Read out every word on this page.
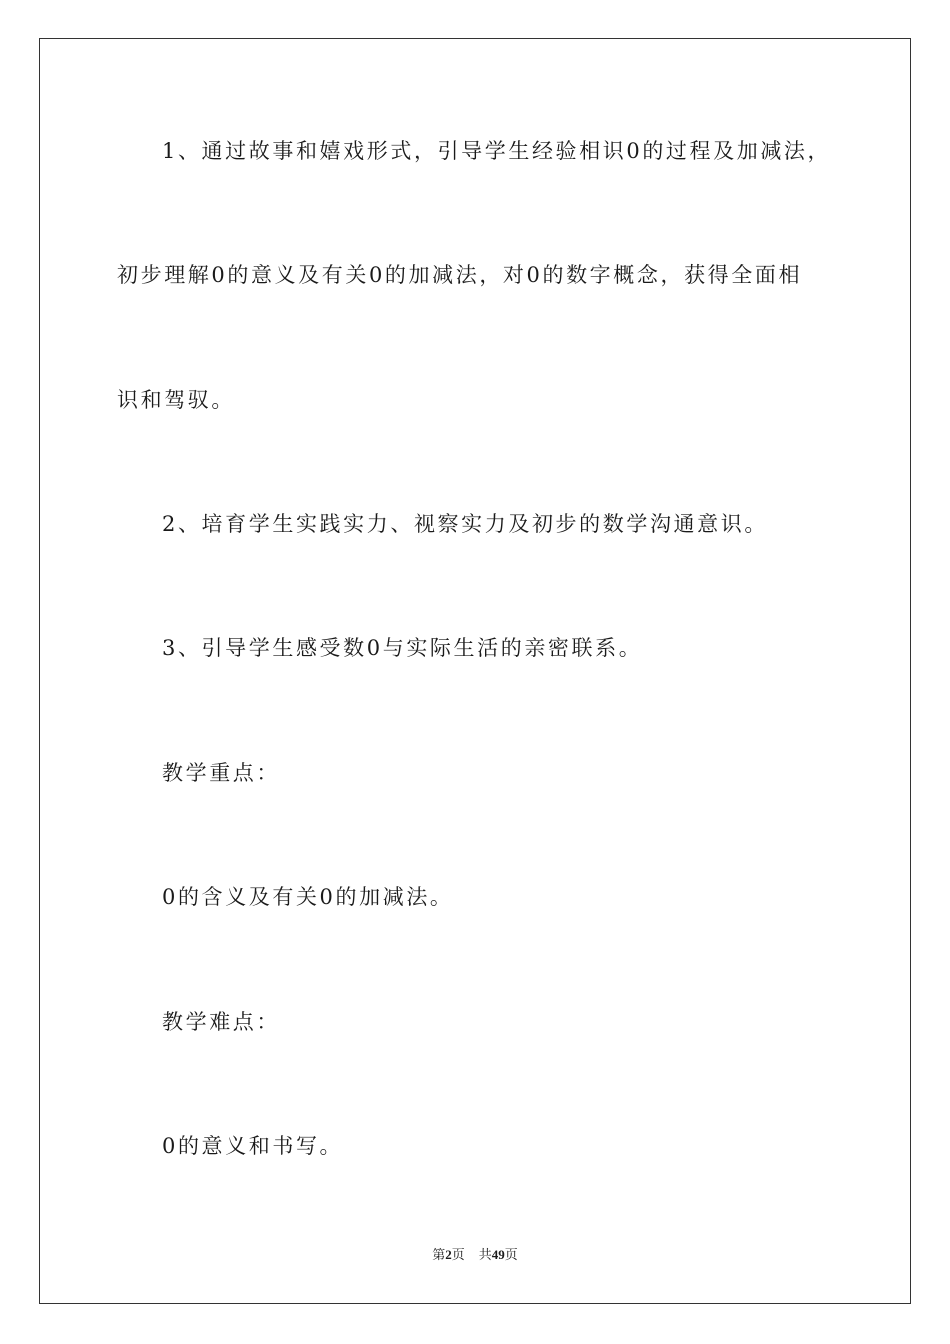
1、通过故事和嬉戏形式，引导学生经验相识0的过程及加减法，
初步理解0的意义及有关0的加减法，对0的数字概念，获得全面相
识和驾驭。
2、培育学生实践实力、视察实力及初步的数学沟通意识。
3、引导学生感受数0与实际生活的亲密联系。
教学重点：
0的含义及有关0的加减法。
教学难点：
0的意义和书写。
第2页 共49页
